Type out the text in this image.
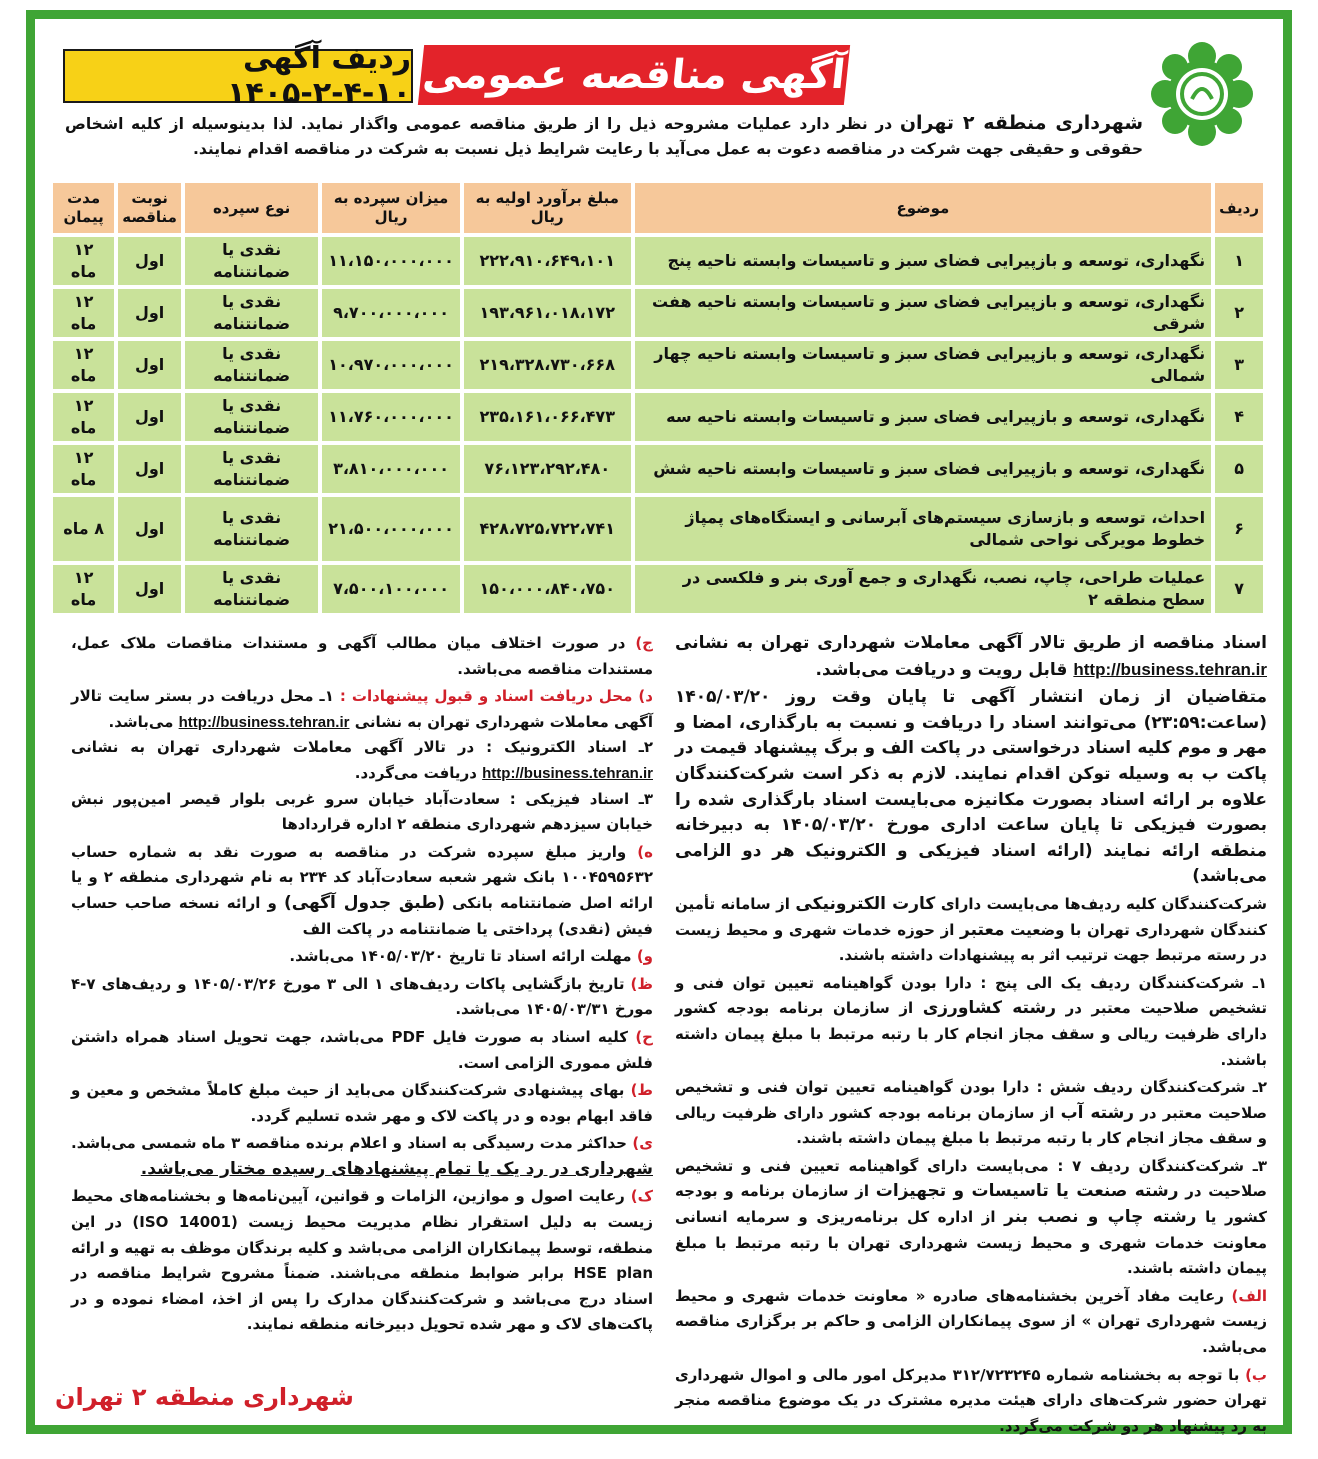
آگهی مناقصه عمومی
ردیف آگهی ۱۰-۴-۲-۱۴۰۵
شهرداری منطقه ۲ تهران در نظر دارد عملیات مشروحه ذیل را از طریق مناقصه عمومی واگذار نماید. لذا بدینوسیله از کلیه اشخاص حقوقی و حقیقی جهت شرکت در مناقصه دعوت به عمل می‌آید با رعایت شرایط ذیل نسبت به شرکت در مناقصه اقدام نمایند.
ردیف	موضوع	مبلغ برآورد اولیه به ریال	میزان سپرده به ریال	نوع سپرده	نوبت مناقصه	مدت پیمان
۱	نگهداری، توسعه و بازپیرایی فضای سبز و تاسیسات وابسته ناحیه پنج	۲۲۲،۹۱۰،۶۴۹،۱۰۱	۱۱،۱۵۰،۰۰۰،۰۰۰	نقدی یا ضمانتنامه	اول	۱۲ ماه
۲	نگهداری، توسعه و بازپیرایی فضای سبز و تاسیسات وابسته ناحیه هفت شرقی	۱۹۳،۹۶۱،۰۱۸،۱۷۲	۹،۷۰۰،۰۰۰،۰۰۰	نقدی یا ضمانتنامه	اول	۱۲ ماه
۳	نگهداری، توسعه و بازپیرایی فضای سبز و تاسیسات وابسته ناحیه چهار شمالی	۲۱۹،۳۲۸،۷۳۰،۶۶۸	۱۰،۹۷۰،۰۰۰،۰۰۰	نقدی یا ضمانتنامه	اول	۱۲ ماه
۴	نگهداری، توسعه و بازپیرایی فضای سبز و تاسیسات وابسته ناحیه سه	۲۳۵،۱۶۱،۰۶۶،۴۷۳	۱۱،۷۶۰،۰۰۰،۰۰۰	نقدی یا ضمانتنامه	اول	۱۲ ماه
۵	نگهداری، توسعه و بازپیرایی فضای سبز و تاسیسات وابسته ناحیه شش	۷۶،۱۲۳،۲۹۲،۴۸۰	۳،۸۱۰،۰۰۰،۰۰۰	نقدی یا ضمانتنامه	اول	۱۲ ماه
۶	احداث، توسعه و بازسازی سیستم‌های آبرسانی و ایستگاه‌های پمپاژ خطوط مویرگی نواحی شمالی	۴۲۸،۷۲۵،۷۲۲،۷۴۱	۲۱،۵۰۰،۰۰۰،۰۰۰	نقدی یا ضمانتنامه	اول	۸ ماه
۷	عملیات طراحی، چاپ، نصب، نگهداری و جمع آوری بنر و فلکسی در سطح منطقه ۲	۱۵۰،۰۰۰،۸۴۰،۷۵۰	۷،۵۰۰،۱۰۰،۰۰۰	نقدی یا ضمانتنامه	اول	۱۲ ماه

اسناد مناقصه از طریق تالار آگهی معاملات شهرداری تهران به نشانی http://business.tehran.ir قابل رویت و دریافت می‌باشد.

متقاضیان از زمان انتشار آگهی تا پایان وقت روز ۱۴۰۵/۰۳/۲۰ (ساعت:۲۳:۵۹) می‌توانند اسناد را دریافت و نسبت به بارگذاری، امضا و مهر و موم کلیه اسناد درخواستی در پاکت الف و برگ پیشنهاد قیمت در پاکت ب به وسیله توکن اقدام نمایند. لازم به ذکر است شرکت‌کنندگان علاوه بر ارائه اسناد بصورت مکانیزه می‌بایست اسناد بارگذاری شده را بصورت فیزیکی تا پایان ساعت اداری مورخ ۱۴۰۵/۰۳/۲۰ به دبیرخانه منطقه ارائه نمایند (ارائه اسناد فیزیکی و الکترونیک هر دو الزامی می‌باشد)

شرکت‌کنندگان کلیه ردیف‌ها می‌بایست دارای کارت الکترونیکی از سامانه تأمین کنندگان شهرداری تهران با وضعیت معتبر از حوزه خدمات شهری و محیط زیست در رسته مرتبط جهت ترتیب اثر به پیشنهادات داشته باشند.

۱ـ شرکت‌کنندگان ردیف یک الی پنج : دارا بودن گواهینامه تعیین توان فنی و تشخیص صلاحیت معتبر در رشته کشاورزی از سازمان برنامه بودجه کشور دارای ظرفیت ریالی و سقف مجاز انجام کار با رتبه مرتبط با مبلغ پیمان داشته باشند.

۲ـ شرکت‌کنندگان ردیف شش : دارا بودن گواهینامه تعیین توان فنی و تشخیص صلاحیت معتبر در رشته آب از سازمان برنامه بودجه کشور دارای ظرفیت ریالی و سقف مجاز انجام کار با رتبه مرتبط با مبلغ پیمان داشته باشند.

۳ـ شرکت‌کنندگان ردیف ۷ : می‌بایست دارای گواهینامه تعیین فنی و تشخیص صلاحیت در رشته صنعت یا تاسیسات و تجهیزات از سازمان برنامه و بودجه کشور یا رشته چاپ و نصب بنر از اداره کل برنامه‌ریزی و سرمایه انسانی معاونت خدمات شهری و محیط زیست شهرداری تهران با رتبه مرتبط با مبلغ پیمان داشته باشند.

الف) رعایت مفاد آخرین بخشنامه‌های صادره « معاونت خدمات شهری و محیط زیست شهرداری تهران » از سوی پیمانکاران الزامی و حاکم بر برگزاری مناقصه می‌باشد.

ب) با توجه به بخشنامه شماره ۳۱۲/۷۲۳۲۴۵ مدیرکل امور مالی و اموال شهرداری تهران حضور شرکت‌های دارای هیئت مدیره مشترک در یک موضوع مناقصه منجر به رد پیشنهاد هر دو شرکت می‌گردد.

ج) در صورت اختلاف میان مطالب آگهی و مستندات مناقصات ملاک عمل، مستندات مناقصه می‌باشد.

د) محل دریافت اسناد و قبول پیشنهادات : ۱ـ محل دریافت در بستر سایت تالار آگهی معاملات شهرداری تهران به نشانی http://business.tehran.ir می‌باشد.
۲ـ اسناد الکترونیک : در تالار آگهی معاملات شهرداری تهران به نشانی http://business.tehran.ir دریافت می‌گردد.
۳ـ اسناد فیزیکی : سعادت‌آباد خیابان سرو غربی بلوار قیصر امین‌پور نبش خیابان سیزدهم شهرداری منطقه ۲ اداره قراردادها

ه) واریز مبلغ سپرده شرکت در مناقصه به صورت نقد به شماره حساب ۱۰۰۴۵۹۵۶۳۲ بانک شهر شعبه سعادت‌آباد کد ۲۳۴ به نام شهرداری منطقه ۲ و یا ارائه اصل ضمانتنامه بانکی (طبق جدول آگهی) و ارائه نسخه صاحب حساب فیش (نقدی) پرداختی یا ضمانتنامه در پاکت الف

و) مهلت ارائه اسناد تا تاریخ ۱۴۰۵/۰۳/۲۰ می‌باشد.

ظ) تاریخ بازگشایی پاکات ردیف‌های ۱ الی ۳ مورخ ۱۴۰۵/۰۳/۲۶ و ردیف‌های ۷-۴ مورخ ۱۴۰۵/۰۳/۳۱ می‌باشد.

ح) کلیه اسناد به صورت فایل PDF می‌باشد، جهت تحویل اسناد همراه داشتن فلش مموری الزامی است.

ط) بهای پیشنهادی شرکت‌کنندگان می‌باید از حیث مبلغ کاملاً مشخص و معین و فاقد ابهام بوده و در پاکت لاک و مهر شده تسلیم گردد.

ی) حداکثر مدت رسیدگی به اسناد و اعلام برنده مناقصه ۳ ماه شمسی می‌باشد. شهرداری در رد یک یا تمام پیشنهادهای رسیده مختار می‌باشد.

ک) رعایت اصول و موازین، الزامات و قوانین، آیین‌نامه‌ها و بخشنامه‌های محیط زیست به دلیل استقرار نظام مدیریت محیط زیست (ISO 14001) در این منطقه، توسط پیمانکاران الزامی می‌باشد و کلیه برندگان موظف به تهیه و ارائه HSE plan برابر ضوابط منطقه می‌باشند. ضمناً مشروح شرایط مناقصه در اسناد درج می‌باشد و شرکت‌کنندگان مدارک را پس از اخذ، امضاء نموده و در پاکت‌های لاک و مهر شده تحویل دبیرخانه منطقه نمایند.

شهرداری منطقه ۲ تهران
